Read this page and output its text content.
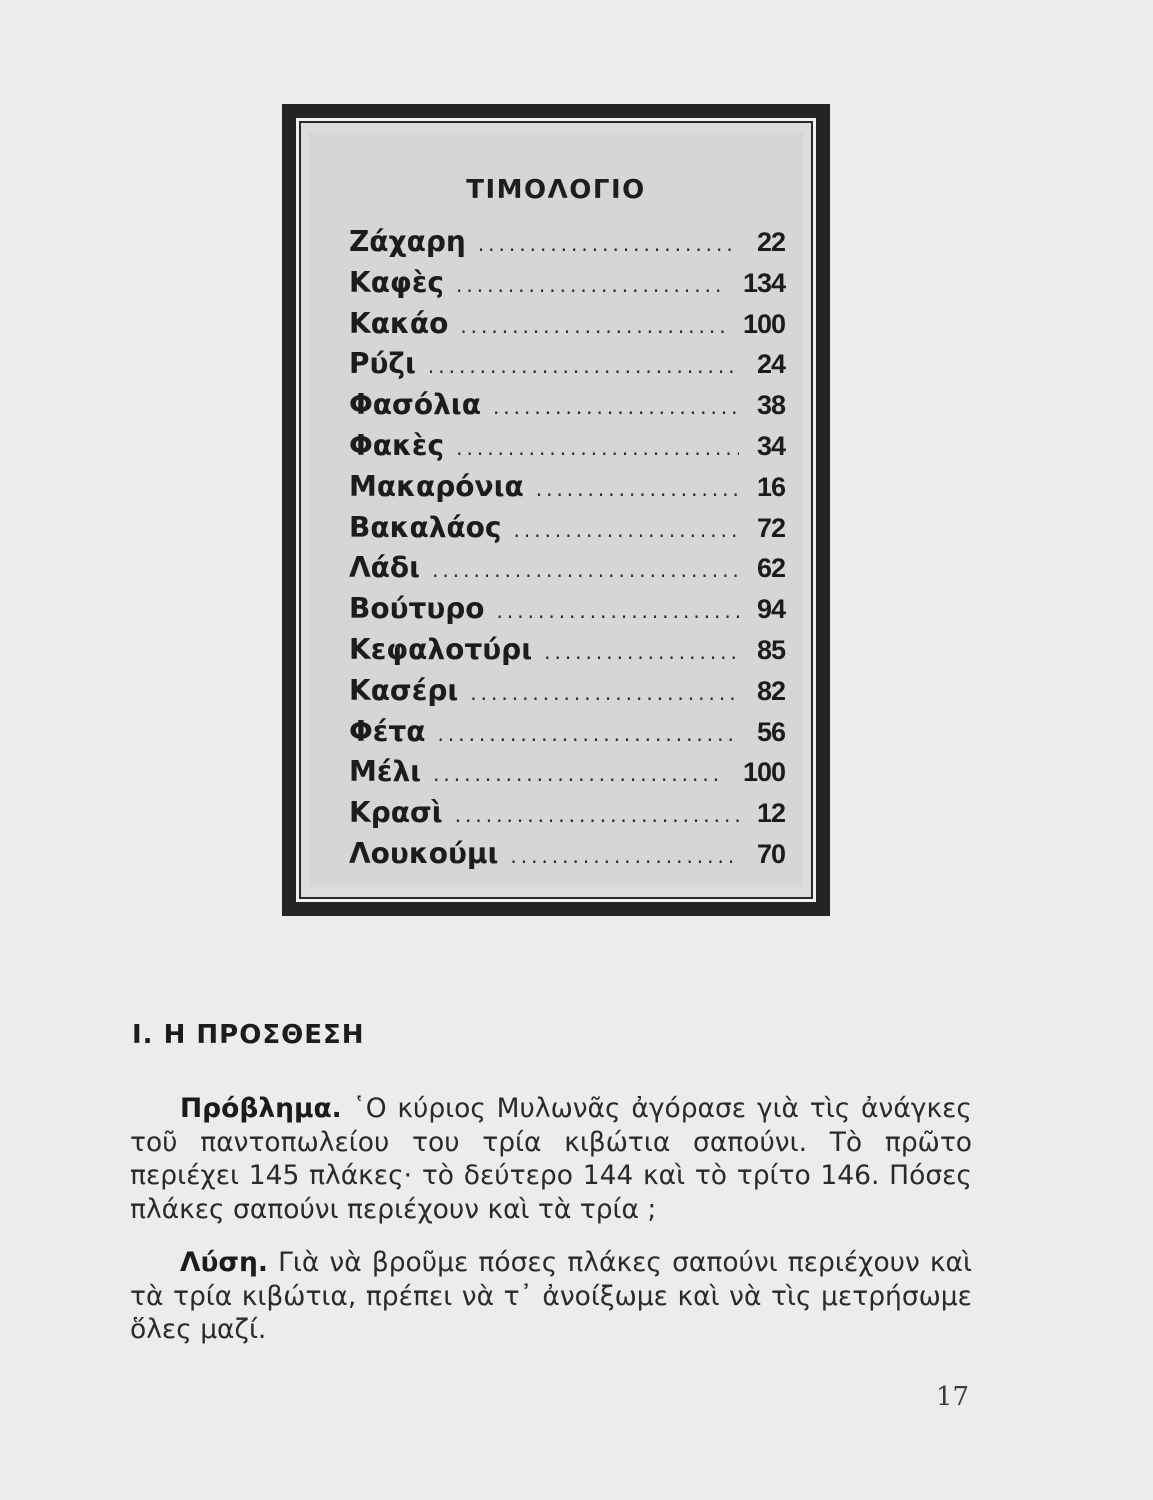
ΤΙΜΟΛΟΓΙΟ
Ζάχαρη .....	22
Καφὲς .....	134
Κακάο .....	100
Ρύζι .....	24
Φασόλια .....	38
Φακὲς .....	34
Μακαρόνια .....	16
Βακαλάος .....	72
Λάδι .....	62
Βούτυρο .....	94
Κεφαλοτύρι .....	85
Κασέρι .....	82
Φέτα .....	56
Μέλι .....	100
Κρασὶ .....	12
Λουκούμι .....	70
Ι. Η ΠΡΟΣΘΕΣΗ

Πρόβλημα. ῾Ο κύριος Μυλωνᾶς ἀγόρασε γιὰ τὶς ἀνάγκες τοῦ παντοπωλείου του τρία κιβώτια σαπούνι. Τὸ πρῶτο περιέχει 145 πλάκες· τὸ δεύτερο 144 καὶ τὸ τρίτο 146. Πόσες πλάκες σαπούνι περιέχουν καὶ τὰ τρία ;

Λύση. Γιὰ νὰ βροῦμε πόσες πλάκες σαπούνι περιέχουν καὶ τὰ τρία κιβώτια, πρέπει νὰ τ᾽ ἀνοίξωμε καὶ νὰ τὶς μετρήσωμε ὅλες μαζί.

17
